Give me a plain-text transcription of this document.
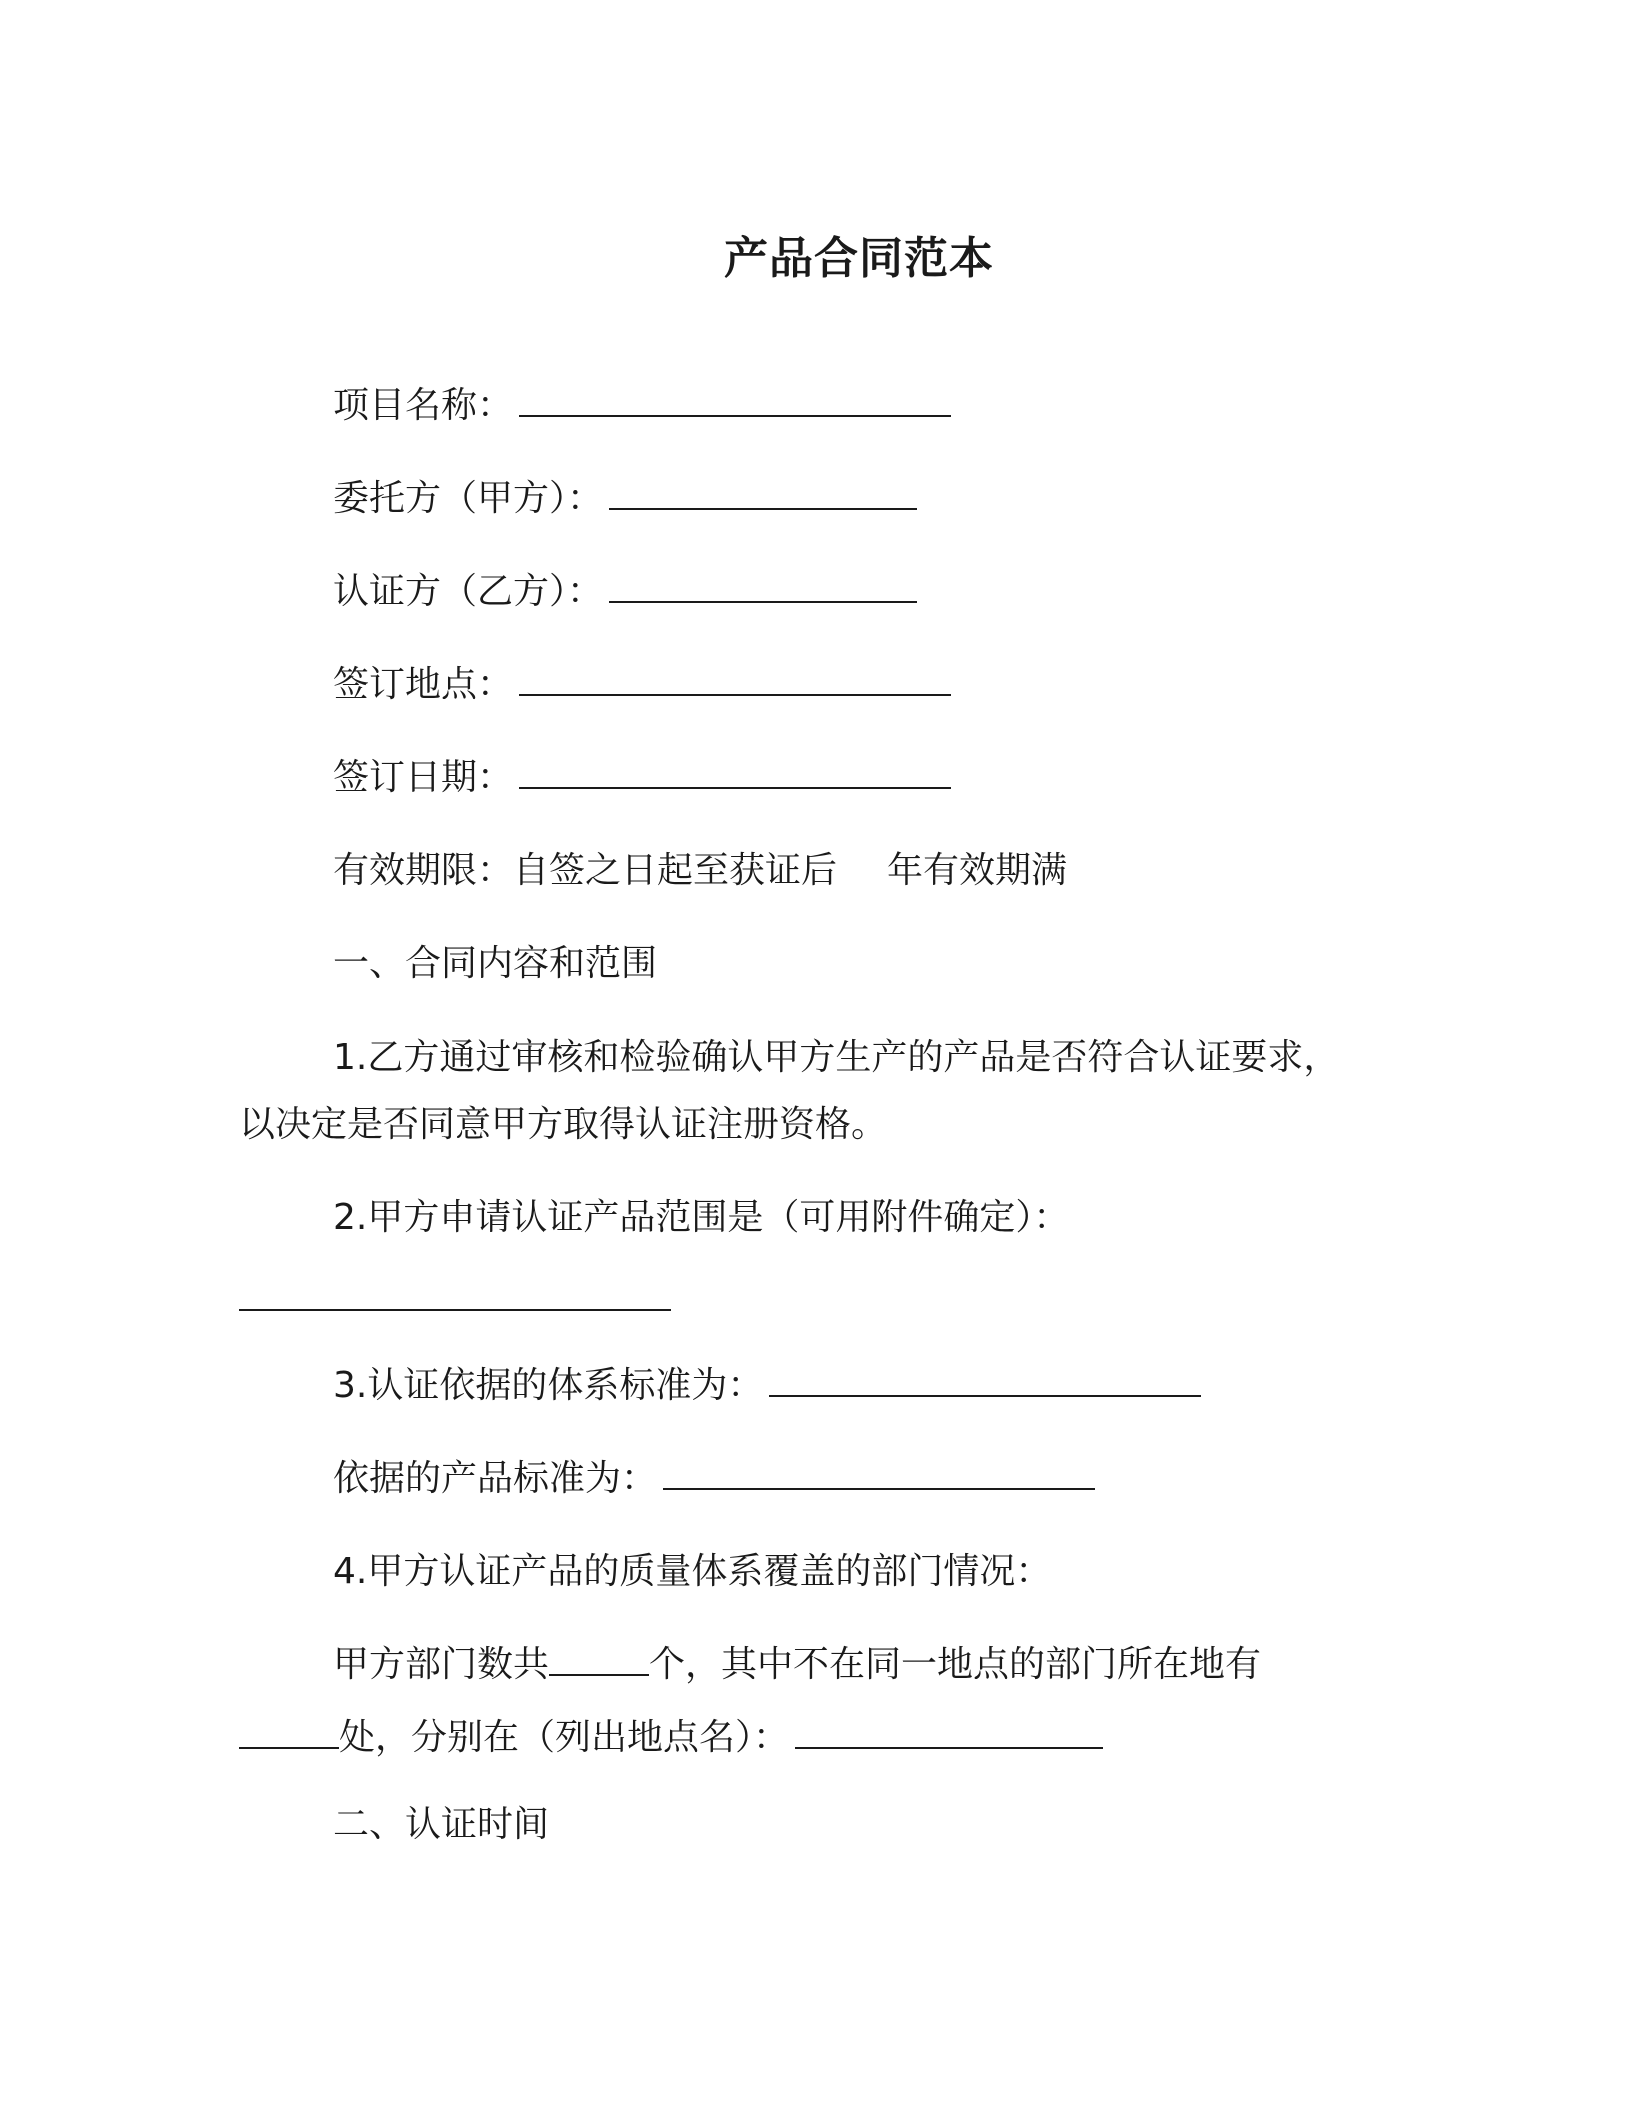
产品合同范本
项目名称：
委托方（甲方）：
认证方（乙方）：
签订地点：
签订日期：
有效期限：自签之日起至获证后 年有效期满
一、合同内容和范围
1.乙方通过审核和检验确认甲方生产的产品是否符合认证要求，
以决定是否同意甲方取得认证注册资格。
2.甲方申请认证产品范围是（可用附件确定）：
3.认证依据的体系标准为：
依据的产品标准为：
4.甲方认证产品的质量体系覆盖的部门情况：
甲方部门数共	个，其中不在同一地点的部门所在地有
处，分别在（列出地点名）：
二、认证时间
